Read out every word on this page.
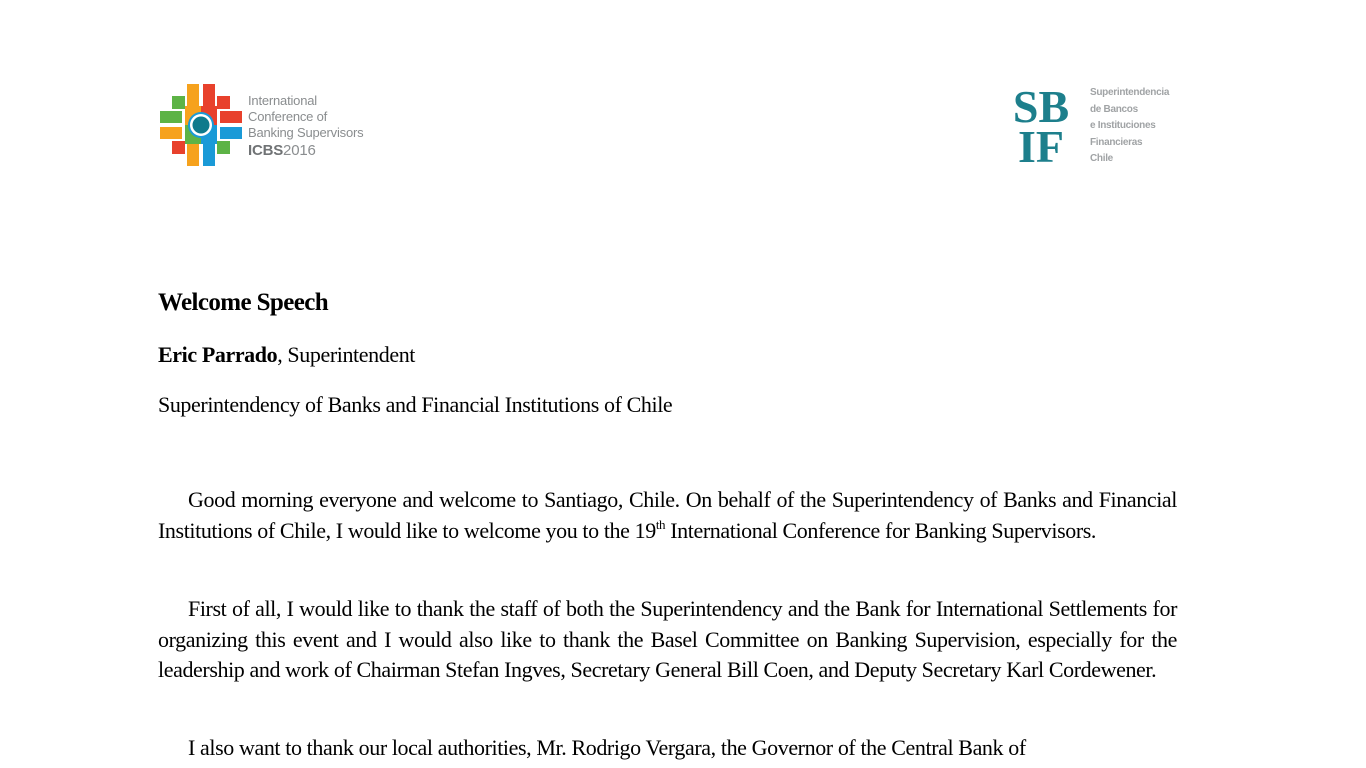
International
Conference of
Banking Supervisors
ICBS2016
SB
IF
Superintendencia
de Bancos
e Instituciones
Financieras
Chile
Welcome Speech
Eric Parrado, Superintendent
Superintendency of Banks and Financial Institutions of Chile

Good morning everyone and welcome to Santiago, Chile. On behalf of the Superintendency of Banks and Financial Institutions of Chile, I would like to welcome you to the 19th International Conference for Banking Supervisors.

First of all, I would like to thank the staff of both the Superintendency and the Bank for International Settlements for organizing this event and I would also like to thank the Basel Committee on Banking Supervision, especially for the leadership and work of Chairman Stefan Ingves, Secretary General Bill Coen, and Deputy Secretary Karl Cordewener.

I also want to thank our local authorities, Mr. Rodrigo Vergara, the Governor of the Central Bank of
